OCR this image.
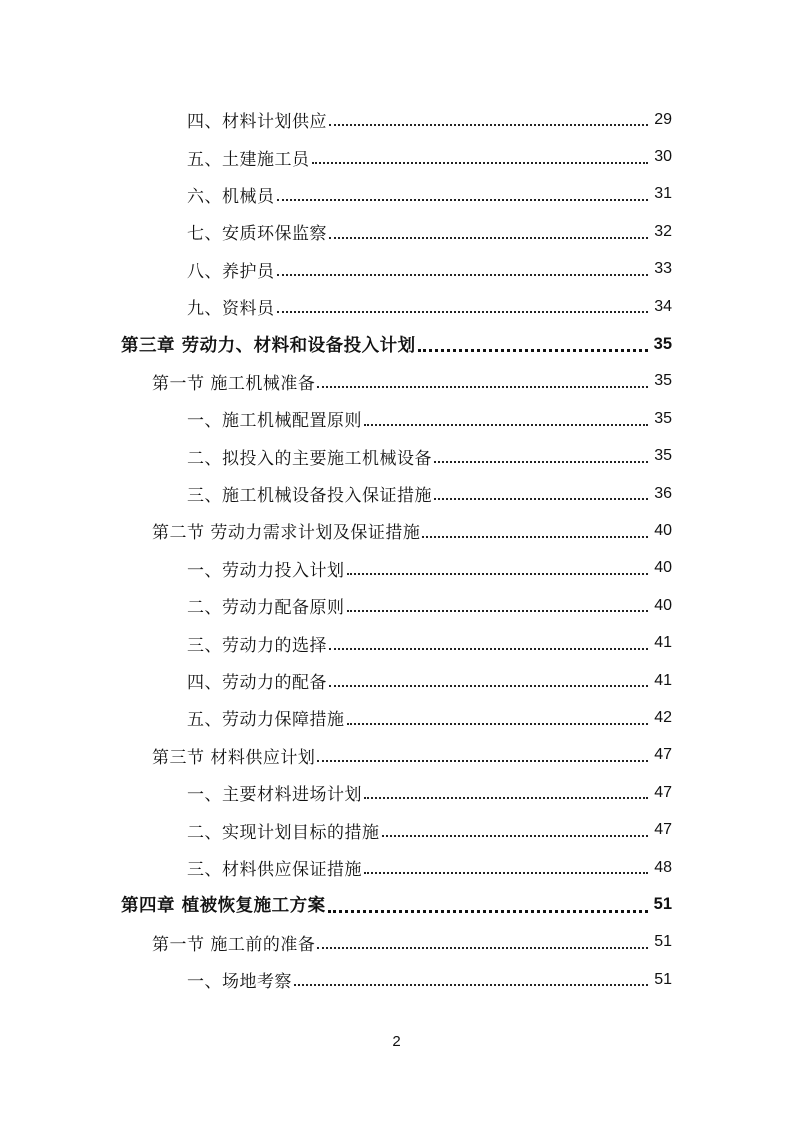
四、材料计划供应	29
五、土建施工员	30
六、机械员	31
七、安质环保监察	32
八、养护员	33
九、资料员	34
第三章 劳动力、材料和设备投入计划	35
第一节 施工机械准备	35
一、施工机械配置原则	35
二、拟投入的主要施工机械设备	35
三、施工机械设备投入保证措施	36
第二节 劳动力需求计划及保证措施	40
一、劳动力投入计划	40
二、劳动力配备原则	40
三、劳动力的选择	41
四、劳动力的配备	41
五、劳动力保障措施	42
第三节 材料供应计划	47
一、主要材料进场计划	47
二、实现计划目标的措施	47
三、材料供应保证措施	48
第四章 植被恢复施工方案	51
第一节 施工前的准备	51
一、场地考察	51
2
